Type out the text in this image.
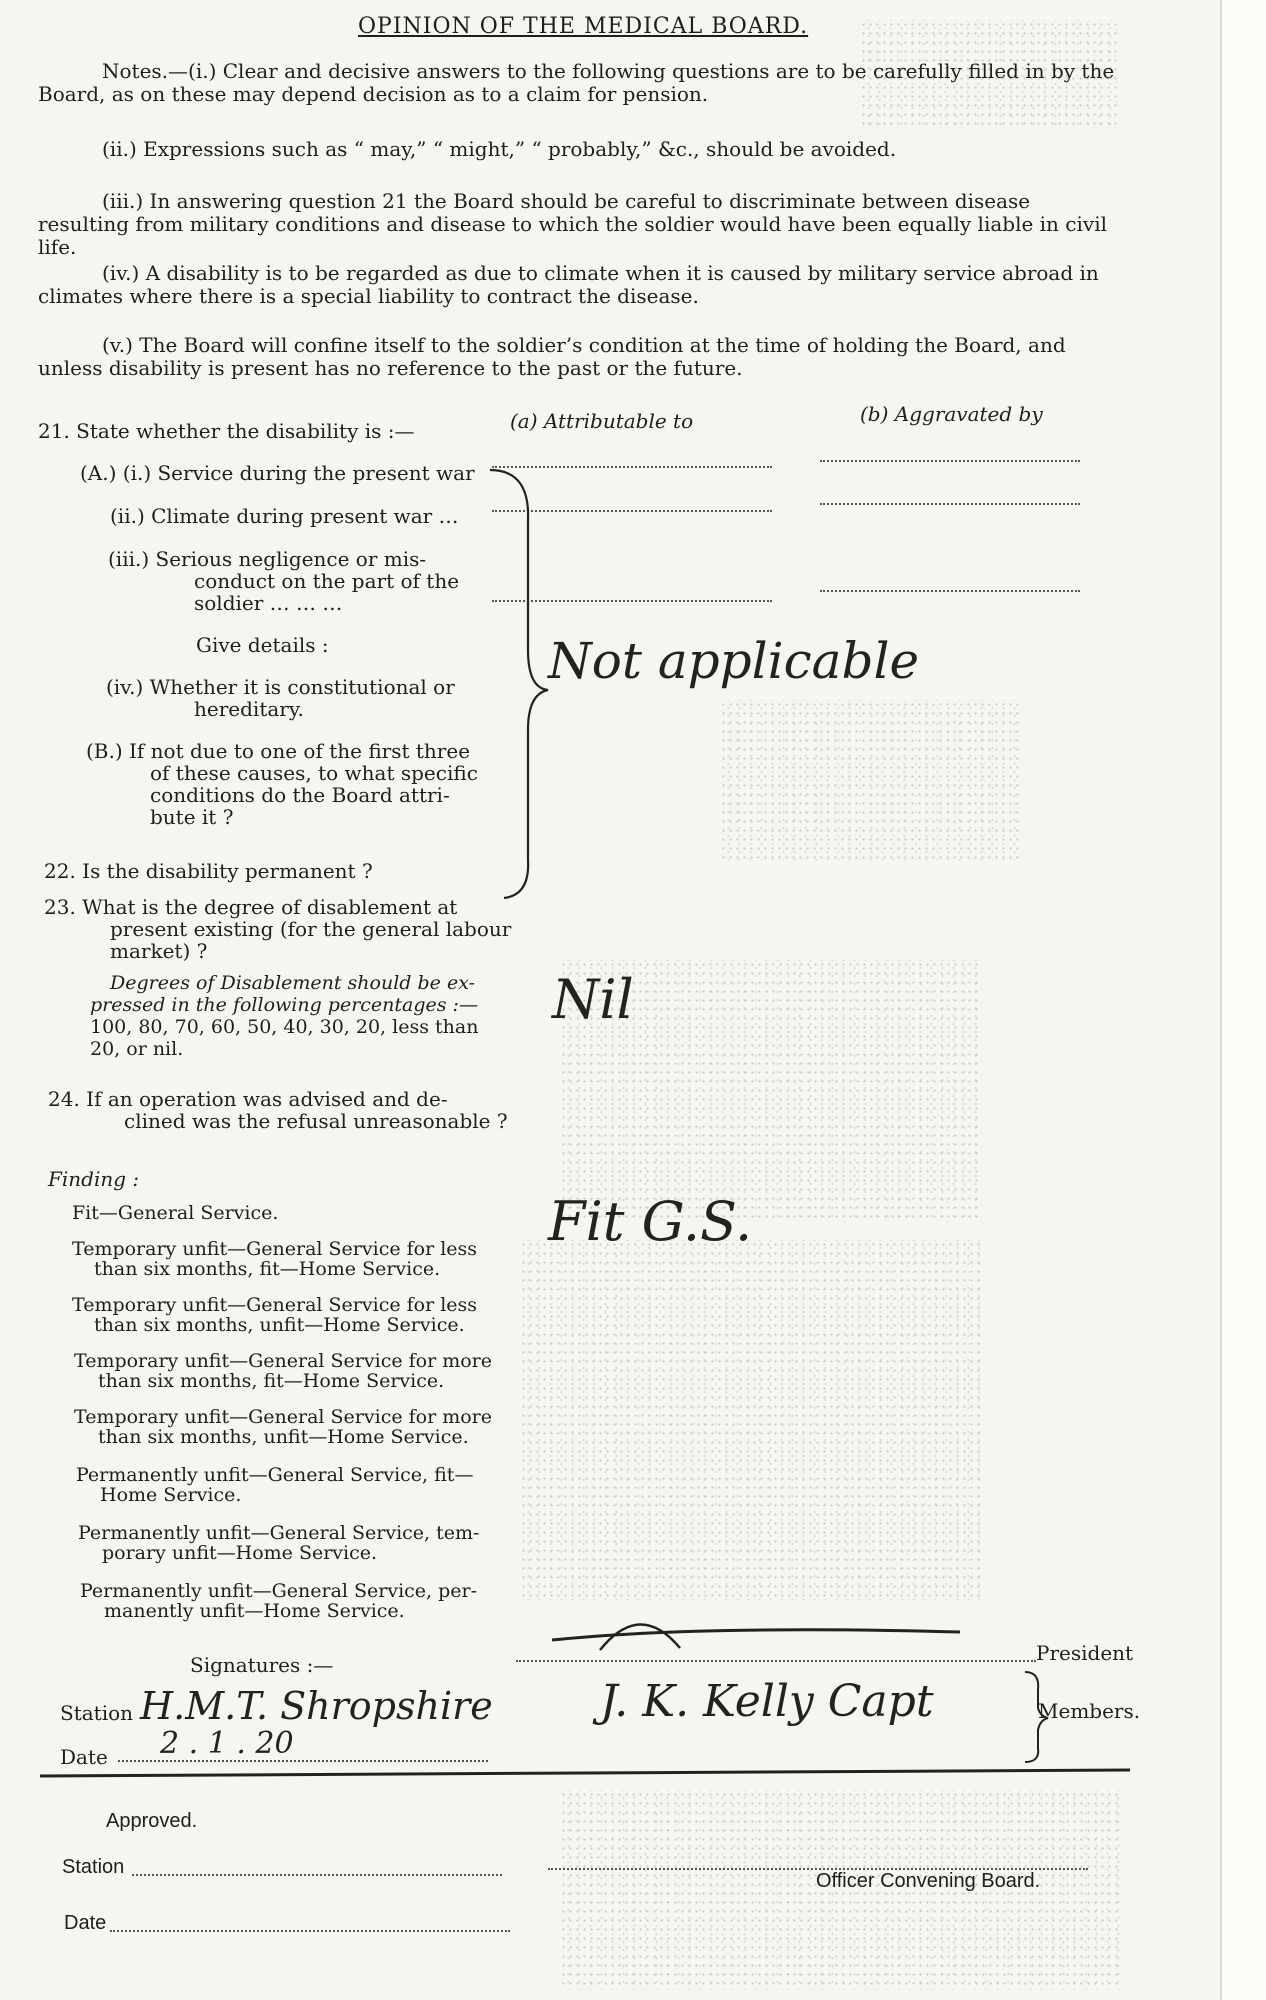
OPINION OF THE MEDICAL BOARD.
Notes.—(i.) Clear and decisive answers to the following questions are to be carefully filled in by the Board, as on these may depend decision as to a claim for pension.
(ii.) Expressions such as “ may,” “ might,” “ probably,” &c., should be avoided.
(iii.) In answering question 21 the Board should be careful to discriminate between disease resulting from military conditions and disease to which the soldier would have been equally liable in civil life.
(iv.) A disability is to be regarded as due to climate when it is caused by military service abroad in climates where there is a special liability to contract the disease.
(v.) The Board will confine itself to the soldier’s condition at the time of holding the Board, and unless disability is present has no reference to the past or the future.
21. State whether the disability is :—	(a) Attributable to	(b) Aggravated by
(A.) (i.) Service during the present war
(ii.) Climate during present war …
(iii.) Serious negligence or mis-
conduct on the part of the
soldier … … …
Give details :
(iv.) Whether it is constitutional or
hereditary.
(B.) If not due to one of the first three
of these causes, to what specific
conditions do the Board attri-
bute it ?
22. Is the disability permanent ?
23. What is the degree of disablement at
present existing (for the general labour
market) ?
Degrees of Disablement should be ex-
pressed in the following percentages :—
100, 80, 70, 60, 50, 40, 30, 20, less than
20, or nil.
24. If an operation was advised and de-
clined was the refusal unreasonable ?
Finding :
Fit—General Service.
Temporary unfit—General Service for less
than six months, fit—Home Service.
Temporary unfit—General Service for less
than six months, unfit—Home Service.
Temporary unfit—General Service for more
than six months, fit—Home Service.
Temporary unfit—General Service for more
than six months, unfit—Home Service.
Permanently unfit—General Service, fit—
Home Service.
Permanently unfit—General Service, tem-
porary unfit—Home Service.
Permanently unfit—General Service, per-
manently unfit—Home Service.
Not applicable
Nil
Fit G.S.
Signatures :—	President
Station H.M.T. Shropshire J. K. Kelly Capt	Members.
Date 2 . 1 . 20
Approved.
Station
Officer Convening Board.
Date
